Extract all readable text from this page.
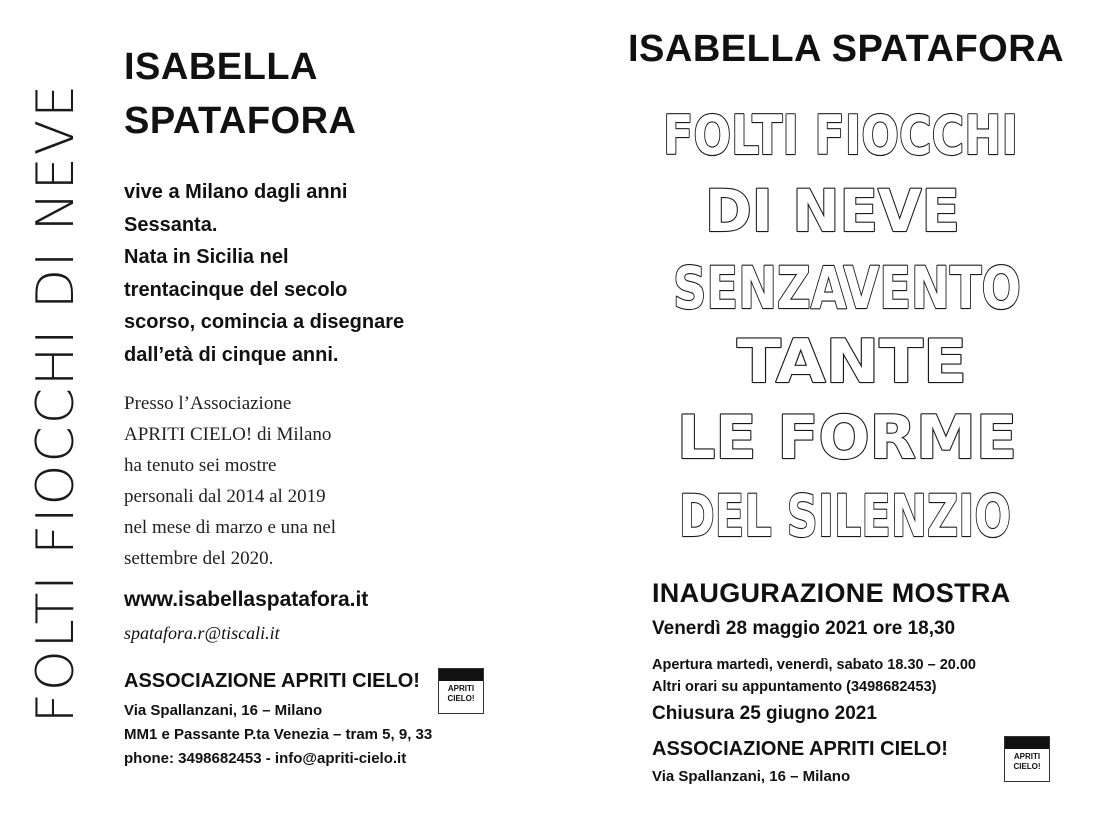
FOLTI FIOCCHI DI NEVE
ISABELLA
SPATAFORA
vive a Milano dagli anni
Sessanta.
Nata in Sicilia nel
trentacinque del secolo
scorso, comincia a disegnare
dall’età di cinque anni.
Presso l’Associazione
APRITI CIELO! di Milano
ha tenuto sei mostre
personali dal 2014 al 2019
nel mese di marzo e una nel
settembre del 2020.
www.isabellaspatafora.it
spatafora.r@tiscali.it
ASSOCIAZIONE APRITI CIELO!	APRITI
CIELO!
Via Spallanzani, 16 – Milano
MM1 e Passante P.ta Venezia – tram 5, 9, 33
phone: 3498682453 - info@apriti-cielo.it
ISABELLA SPATAFORA
FOLTI FIOCCHI
DI NEVE
SENZAVENTO
TANTE
LE FORME
DEL SILENZIO
INAUGURAZIONE MOSTRA
Venerdì 28 maggio 2021 ore 18,30
Apertura martedì, venerdì, sabato 18.30 – 20.00
Altri orari su appuntamento (3498682453)
Chiusura 25 giugno 2021
ASSOCIAZIONE APRITI CIELO!
Via Spallanzani, 16 – Milano
APRITI
CIELO!
